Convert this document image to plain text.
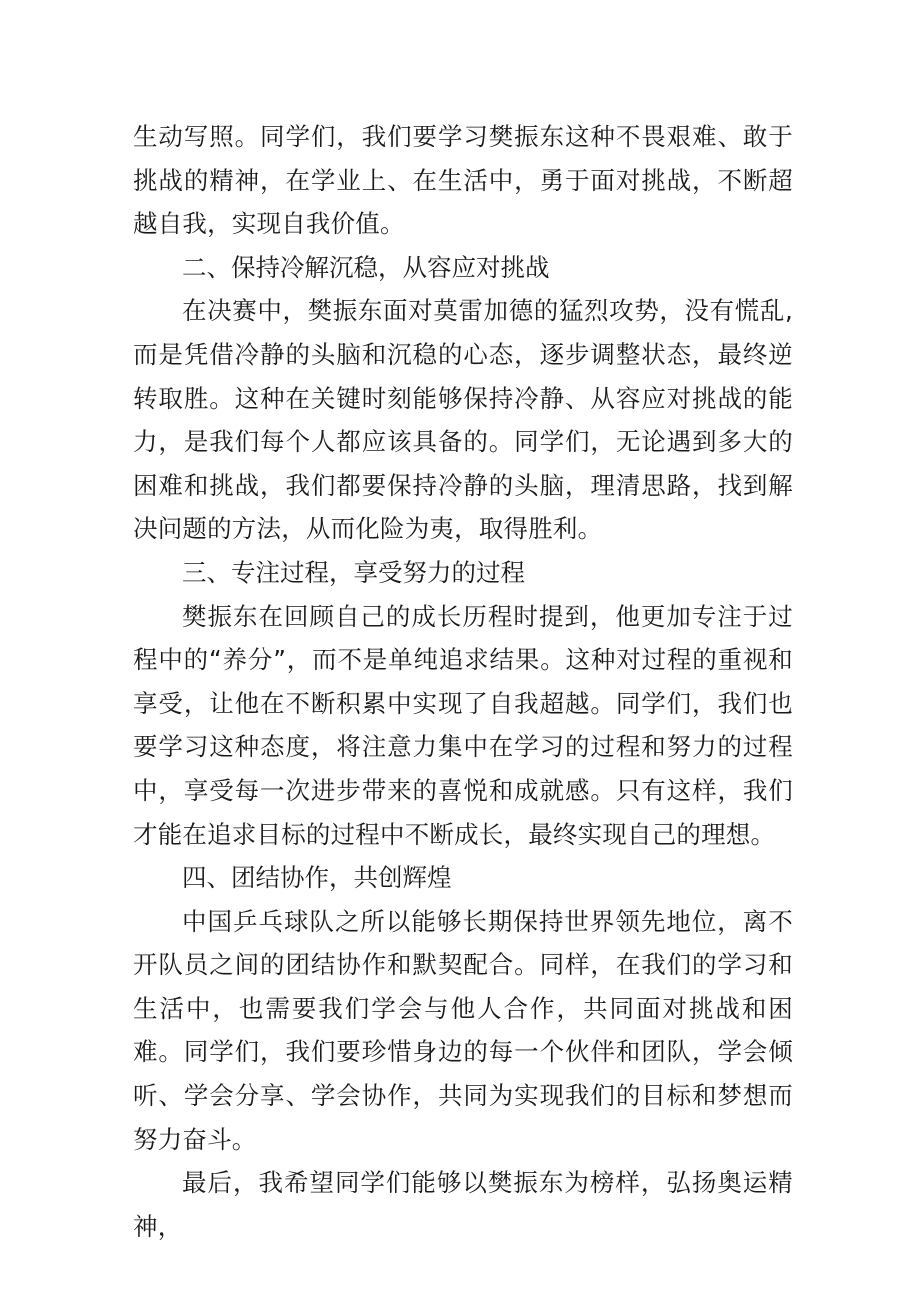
生动写照。同学们，我们要学习樊振东这种不畏艰难、敢于挑战的精神，在学业上、在生活中，勇于面对挑战，不断超越自我，实现自我价值。

二、保持冷解沉稳，从容应对挑战

在决赛中，樊振东面对莫雷加德的猛烈攻势，没有慌乱,而是凭借冷静的头脑和沉稳的心态，逐步调整状态，最终逆转取胜。这种在关键时刻能够保持冷静、从容应对挑战的能力，是我们每个人都应该具备的。同学们，无论遇到多大的困难和挑战，我们都要保持冷静的头脑，理清思路，找到解决问题的方法，从而化险为夷，取得胜利。

三、专注过程，享受努力的过程

樊振东在回顾自己的成长历程时提到，他更加专注于过程中的“养分”，而不是单纯追求结果。这种对过程的重视和享受，让他在不断积累中实现了自我超越。同学们，我们也要学习这种态度，将注意力集中在学习的过程和努力的过程中，享受每一次进步带来的喜悦和成就感。只有这样，我们才能在追求目标的过程中不断成长，最终实现自己的理想。

四、团结协作，共创辉煌

中国乒乓球队之所以能够长期保持世界领先地位，离不开队员之间的团结协作和默契配合。同样，在我们的学习和生活中，也需要我们学会与他人合作，共同面对挑战和困难。同学们，我们要珍惜身边的每一个伙伴和团队，学会倾听、学会分享、学会协作，共同为实现我们的目标和梦想而努力奋斗。

最后，我希望同学们能够以樊振东为榜样，弘扬奥运精神，
